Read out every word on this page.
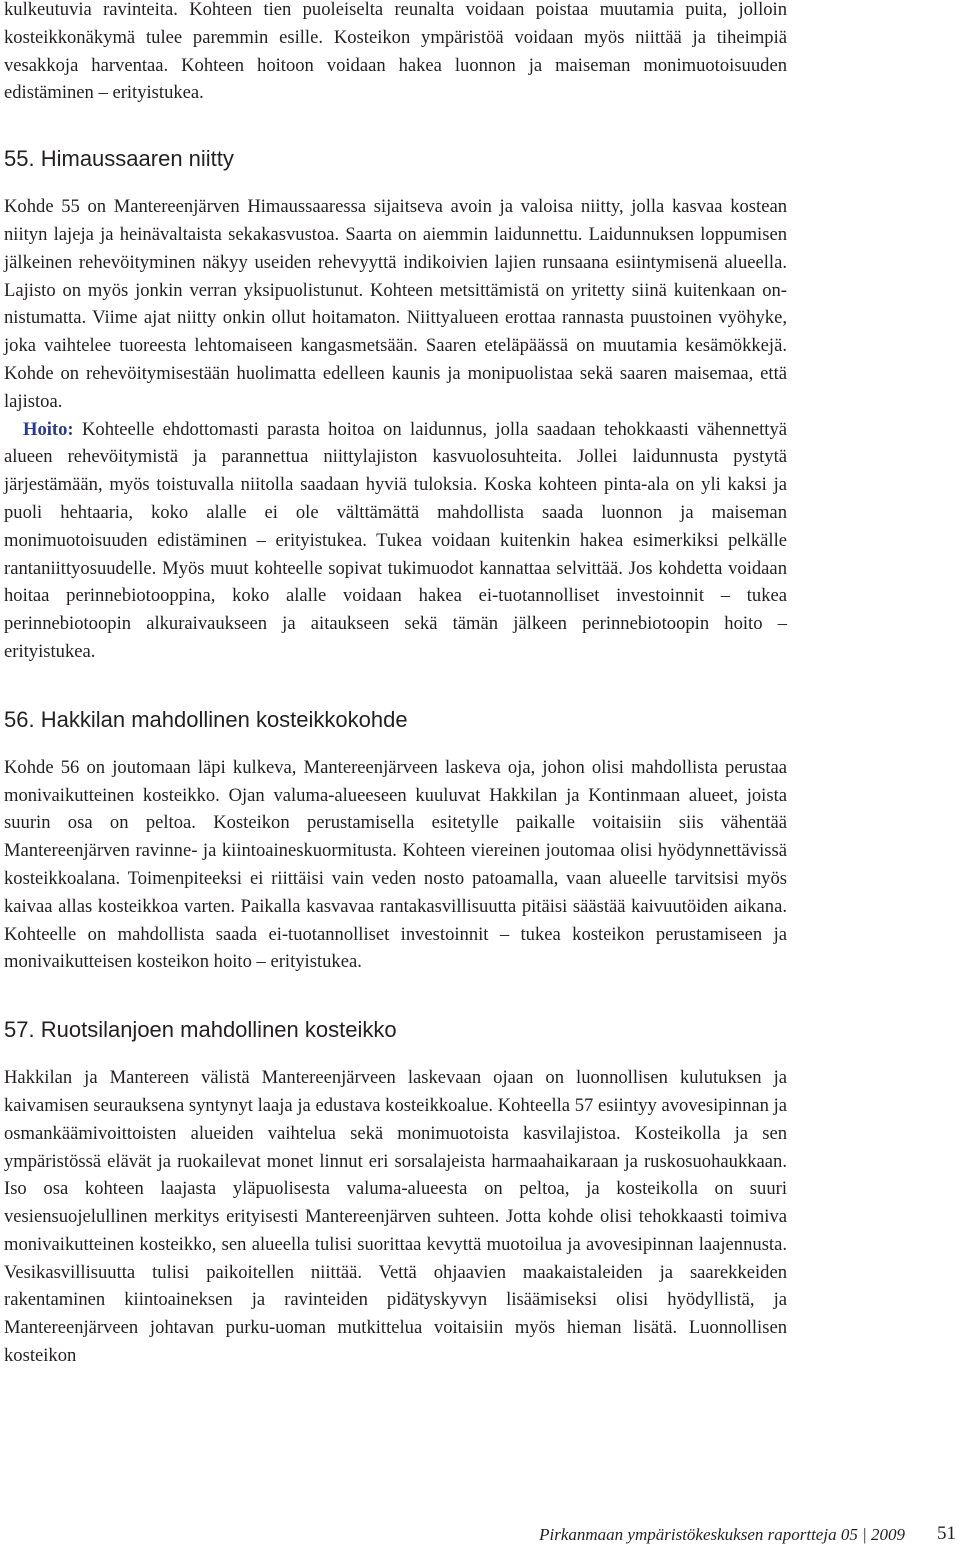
kulkeutuvia ravinteita. Kohteen tien puoleiselta reunalta voidaan poistaa muutamia puita, jolloin kosteikkonäkymä tulee paremmin esille. Kosteikon ympäristöä voidaan myös niittää ja tiheimpiä vesakkoja harventaa. Kohteen hoitoon voidaan hakea luonnon ja maiseman monimuotoisuuden edistäminen – erityistukea.

55. Himaussaaren niitty

Kohde 55 on Mantereenjärven Himaussaaressa sijaitseva avoin ja valoisa niitty, jolla kasvaa kostean niityn lajeja ja heinävaltaista sekakasvustoa. Saarta on aiemmin laidunnettu. Laidunnuksen loppumisen jälkeinen rehevöityminen näkyy useiden rehevyyttä indikoivien lajien runsaana esiintymisenä alueella. Lajisto on myös jonkin verran yksipuolistunut. Kohteen metsittämistä on yritetty siinä kuitenkaan onnistumatta. Viime ajat niitty onkin ollut hoitamaton. Niittyalueen erottaa rannasta puustoinen vyöhyke, joka vaihtelee tuoreesta lehtomaiseen kangasmetsään. Saaren eteläpäässä on muutamia kesämökkejä. Kohde on rehevöitymisestään huolimatta edelleen kaunis ja monipuolistaa sekä saaren maisemaa, että lajistoa.

Hoito: Kohteelle ehdottomasti parasta hoitoa on laidunnus, jolla saadaan tehokkaasti vähennettyä alueen rehevöitymistä ja parannettua niittylajiston kasvuolosuhteita. Jollei laidunnusta pystytä järjestämään, myös toistuvalla niitolla saadaan hyviä tuloksia. Koska kohteen pinta-ala on yli kaksi ja puoli hehtaaria, koko alalle ei ole välttämättä mahdollista saada luonnon ja maiseman monimuotoisuuden edistäminen – erityistukea. Tukea voidaan kuitenkin hakea esimerkiksi pelkälle rantaniittyosuudelle. Myös muut kohteelle sopivat tukimuodot kannattaa selvittää. Jos kohdetta voidaan hoitaa perinnebiotooppina, koko alalle voidaan hakea ei-tuotannolliset investoinnit – tukea perinnebiotoopin alkuraivaukseen ja aitaukseen sekä tämän jälkeen perinnebiotoopin hoito – erityistukea.

56. Hakkilan mahdollinen kosteikkokohde

Kohde 56 on joutomaan läpi kulkeva, Mantereenjärveen laskeva oja, johon olisi mahdollista perustaa monivaikutteinen kosteikko. Ojan valuma-alueeseen kuuluvat Hakkilan ja Kontinmaan alueet, joista suurin osa on peltoa. Kosteikon perustamisella esitetylle paikalle voitaisiin siis vähentää Mantereenjärven ravinne- ja kiintoaineskuormitusta. Kohteen viereinen joutomaa olisi hyödynnettävissä kosteikkoalana. Toimenpiteeksi ei riittäisi vain veden nosto patoamalla, vaan alueelle tarvitsisi myös kaivaa allas kosteikkoa varten. Paikalla kasvavaa rantakasvillisuutta pitäisi säästää kaivuutöiden aikana. Kohteelle on mahdollista saada ei-tuotannolliset investoinnit – tukea kosteikon perustamiseen ja monivaikutteisen kosteikon hoito – erityistukea.

57. Ruotsilanjoen mahdollinen kosteikko

Hakkilan ja Mantereen välistä Mantereenjärveen laskevaan ojaan on luonnollisen kulutuksen ja kaivamisen seurauksena syntynyt laaja ja edustava kosteikkoalue. Kohteella 57 esiintyy avovesipinnan ja osmankäämivoittoisten alueiden vaihtelua sekä monimuotoista kasvilajistoa. Kosteikolla ja sen ympäristössä elävät ja ruokailevat monet linnut eri sorsalajeista harmaahaikaraan ja ruskosuohaukkaan. Iso osa kohteen laajasta yläpuolisesta valuma-alueesta on peltoa, ja kosteikolla on suuri vesiensuojelullinen merkitys erityisesti Mantereenjärven suhteen. Jotta kohde olisi tehokkaasti toimiva monivaikutteinen kosteikko, sen alueella tulisi suorittaa kevyttä muotoilua ja avovesipinnan laajennusta. Vesikasvillisuutta tulisi paikoitellen niittää. Vettä ohjaavien maakaistaleiden ja saarekkeiden rakentaminen kiintoaineksen ja ravinteiden pidätyskyvyn lisäämiseksi olisi hyödyllistä, ja Mantereenjärveen johtavan purku-uoman mutkittelua voitaisiin myös hieman lisätä. Luonnollisen kosteikon

Pirkanmaan ympäristökeskuksen raportteja 05 | 2009 51
